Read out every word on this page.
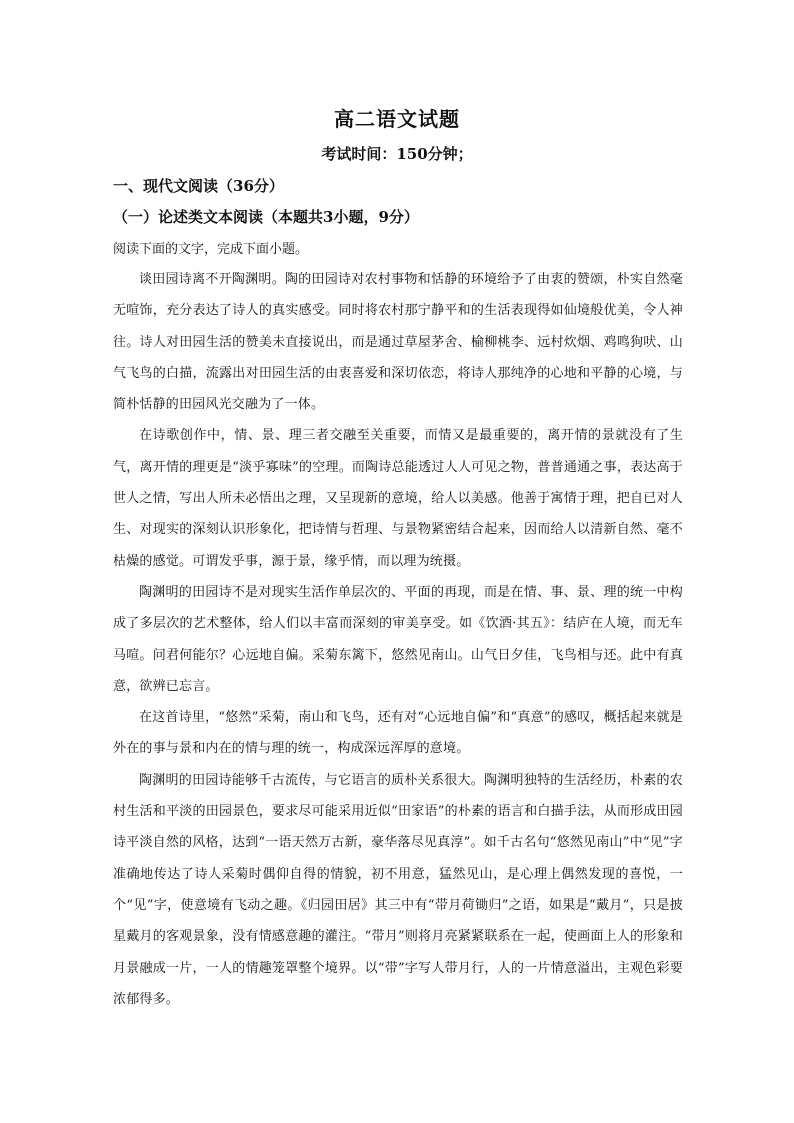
高二语文试题
考试时间：150分钟；
一、现代文阅读（36分）
（一）论述类文本阅读（本题共3小题，9分）
阅读下面的文字，完成下面小题。

谈田园诗离不开陶渊明。陶的田园诗对农村事物和恬静的环境给予了由衷的赞颂，朴实自然毫无喧饰，充分表达了诗人的真实感受。同时将农村那宁静平和的生活表现得如仙境般优美，令人神往。诗人对田园生活的赞美未直接说出，而是通过草屋茅舍、榆柳桃李、远村炊烟、鸡鸣狗吠、山气飞鸟的白描，流露出对田园生活的由衷喜爱和深切依恋，将诗人那纯净的心地和平静的心境，与简朴恬静的田园风光交融为了一体。

在诗歌创作中，情、景、理三者交融至关重要，而情又是最重要的，离开情的景就没有了生气，离开情的理更是“淡乎寡味”的空理。而陶诗总能透过人人可见之物，普普通通之事，表达高于世人之情，写出人所未必悟出之理，又呈现新的意境，给人以美感。他善于寓情于理，把自已对人生、对现实的深刻认识形象化，把诗情与哲理、与景物紧密结合起来，因而给人以清新自然、毫不枯燥的感觉。可谓发乎事，源于景，缘乎情，而以理为统摄。

陶渊明的田园诗不是对现实生活作单层次的、平面的再现，而是在情、事、景、理的统一中构成了多层次的艺术整体，给人们以丰富而深刻的审美享受。如《饮酒·其五》：结庐在人境，而无车马喧。问君何能尔？心远地自偏。采菊东篱下，悠然见南山。山气日夕佳，飞鸟相与还。此中有真意，欲辨已忘言。

在这首诗里，“悠然”采菊，南山和飞鸟，还有对“心远地自偏”和“真意”的感叹，概括起来就是外在的事与景和内在的情与理的统一，构成深远浑厚的意境。

陶渊明的田园诗能够千古流传，与它语言的质朴关系很大。陶渊明独特的生活经历，朴素的农村生活和平淡的田园景色，要求尽可能采用近似“田家语”的朴素的语言和白描手法，从而形成田园诗平淡自然的风格，达到“一语天然万古新，豪华落尽见真淳”。如千古名句“悠然见南山”中“见”字准确地传达了诗人采菊时偶仰自得的情貌，初不用意，猛然见山，是心理上偶然发现的喜悦，一个“见”字，使意境有飞动之趣。《归园田居》其三中有“带月荷锄归”之语，如果是“戴月”，只是披星戴月的客观景象，没有情感意趣的灌注。“带月”则将月亮紧紧联系在一起，使画面上人的形象和月景融成一片，一人的情趣笼罩整个境界。以“带”字写人带月行，人的一片情意溢出，主观色彩要浓郁得多。
